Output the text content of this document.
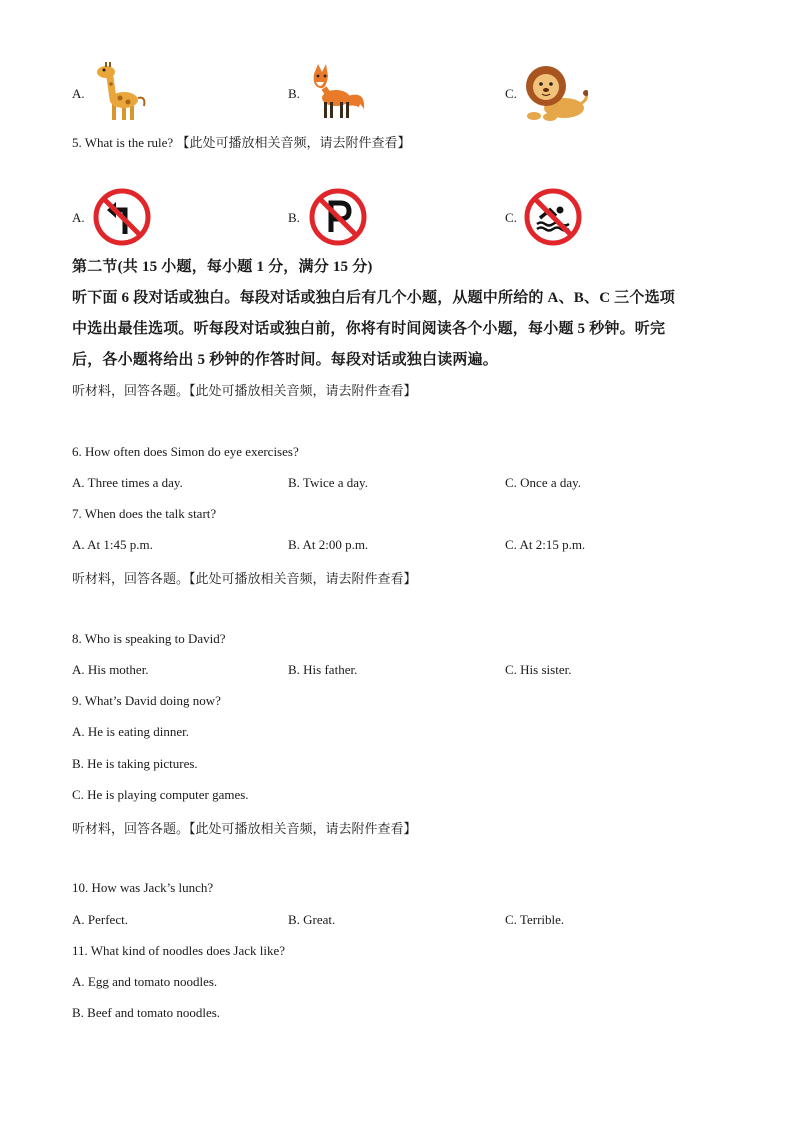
A.	B.	C.
5. What is the rule? 【此处可播放相关音频，请去附件查看】
A.	B.	C.
第二节(共 15 小题，每小题 1 分，满分 15 分)
听下面 6 段对话或独白。每段对话或独白后有几个小题，从题中所给的 A、B、C 三个选项
中选出最佳选项。听每段对话或独白前，你将有时间阅读各个小题，每小题 5 秒钟。听完
后，各小题将给出 5 秒钟的作答时间。每段对话或独白读两遍。
听材料，回答各题。【此处可播放相关音频，请去附件查看】
6. How often does Simon do eye exercises?
A. Three times a day.	B. Twice a day.	C. Once a day.
7. When does the talk start?
A. At 1:45 p.m.	B. At 2:00 p.m.	C. At 2:15 p.m.
听材料，回答各题。【此处可播放相关音频，请去附件查看】
8. Who is speaking to David?
A. His mother.	B. His father.	C. His sister.
9. What’s David doing now?
A. He is eating dinner.
B. He is taking pictures.
C. He is playing computer games.
听材料，回答各题。【此处可播放相关音频，请去附件查看】
10. How was Jack’s lunch?
A. Perfect.	B. Great.	C. Terrible.
11. What kind of noodles does Jack like?
A. Egg and tomato noodles.
B. Beef and tomato noodles.
